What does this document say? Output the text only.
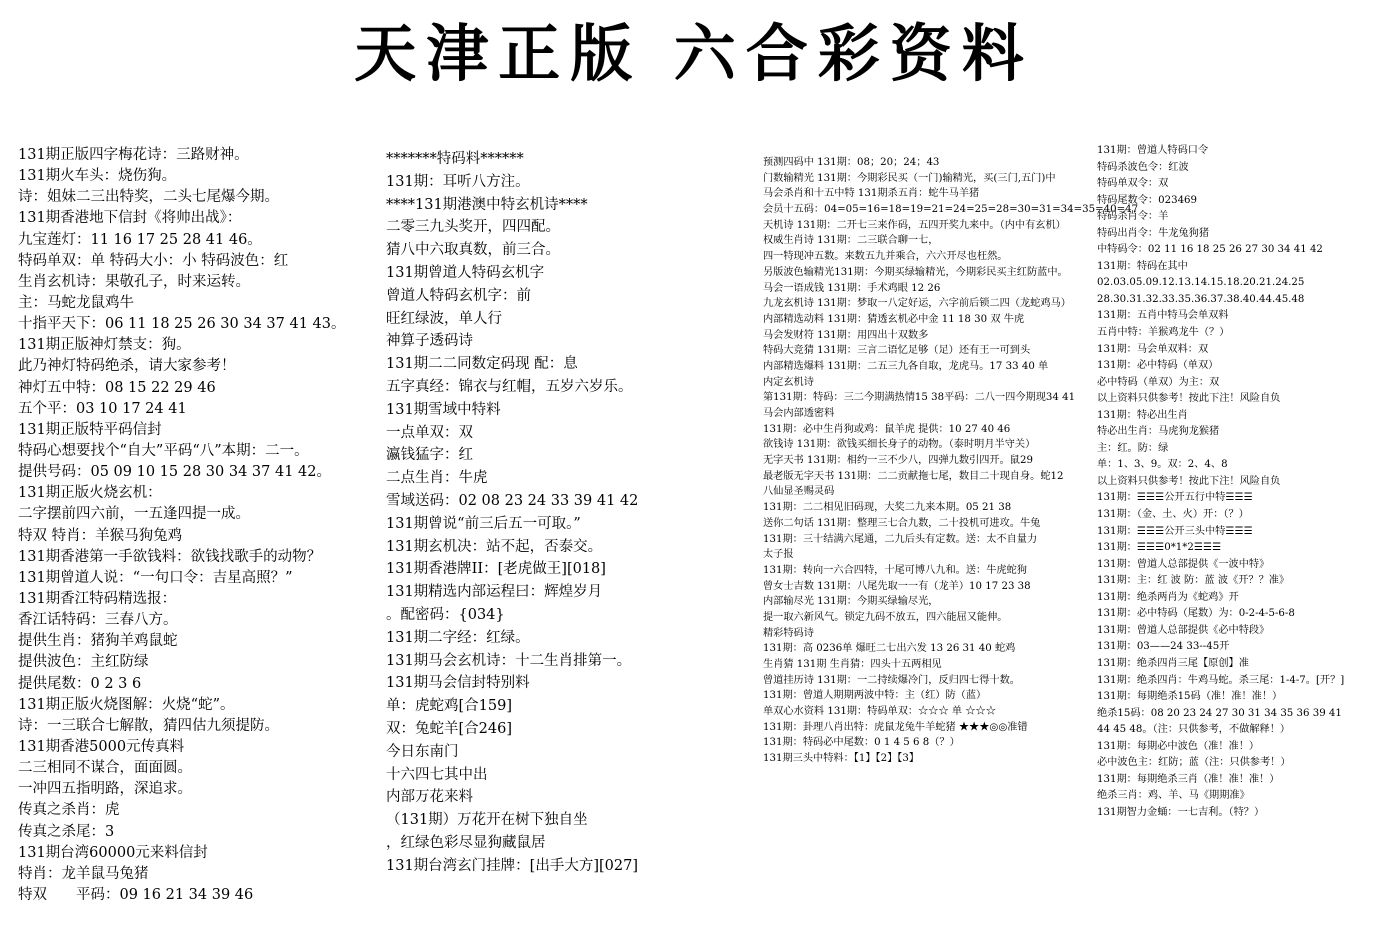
天津正版 六合彩资料
131期正版四字梅花诗：三路财神。
131期火车头：烧伤狗。
诗：姐妹二三出特奖，二头七尾爆今期。
131期香港地下信封《将帅出战》：
九宝莲灯：11 16 17 25 28 41 46。
特码单双：单 特码大小：小 特码波色：红
生肖玄机诗：果敬孔子，时来运转。
主：马蛇龙鼠鸡牛
十指平天下：06 11 18 25 26 30 34 37 41 43。
131期正版神灯禁支：狗。
此乃神灯特码绝杀，请大家参考！
神灯五中特：08 15 22 29 46
五个平：03 10 17 24 41
131期正版特平码信封
特码心想要找个“自大”平码“八”本期：二一。
提供号码：05 09 10 15 28 30 34 37 41 42。
131期正版火烧玄机：
二字摆前四六前，一五逢四提一成。
特双 特肖：羊猴马狗兔鸡
131期香港第一手欲钱料：欲钱找歌手的动物？
131期曾道人说：“一句口令：吉星高照？”
131期香江特码精选报：
香江话特码：三春八方。
提供生肖：猪狗羊鸡鼠蛇
提供波色：主红防绿
提供尾数：0 2 3 6
131期正版火烧图解：火烧“蛇”。
诗：一三联合七解散，猜四估九须提防。
131期香港5000元传真料
二三相同不谋合，面面圆。
一冲四五指明路，深追求。
传真之杀肖：虎
传真之杀尾：3
131期台湾60000元来料信封
特肖：龙羊鼠马兔猪
特双　　平码：09 16 21 34 39 46
*******特码料******
131期：耳听八方注。
****131期港澳中特玄机诗****
二零三九头奖开，四四配。
猜八中六取真数，前三合。
131期曾道人特码玄机字
曾道人特码玄机字：前
旺红绿波，单人行
神算子透码诗
131期二二同数定码现 配：息
五字真经：锦衣与红帽，五岁六岁乐。
131期雪域中特料
一点单双：双
瀛钱猛字：红
二点生肖：牛虎
雪域送码：02 08 23 24 33 39 41 42
131期曾说“前三后五一可取。”
131期玄机决：站不起，否泰交。
131期香港牌II：[老虎做王][018]
131期精选内部运程曰：辉煌岁月
。配密码：{034}
131期二字经：红绿。
131期马会玄机诗：十二生肖排第一。
131期马会信封特别料
单：虎蛇鸡[合159]
双：兔蛇羊[合246]
今日东南门
十六四七其中出
内部万花来料
（131期）万花开在树下独自坐
，红绿色彩尽显狗藏鼠居
131期台湾玄门挂牌：[出手大方][027]
预测四码中 131期：08；20；24；43
门数输精光 131期：今期彩民买（一门)输精光，买(三门,五门)中
马会杀肖和十五中特 131期杀五肖：蛇牛马羊猪
会员十五码：04=05=16=18=19=21=24=25=28=30=31=34=35=40=47
天机诗 131期：二开七三来作码，五四开奖九来中。（内中有玄机）
权威生肖诗 131期：二三联合聊一七，
四一特现冲五数。来数五九并乘合，六六开尽也枉然。
另版波色输精光131期：今期买绿输精光，今期彩民买主红防蓝中。
马会一语成钱 131期：手术鸡眼 12 26
九龙玄机诗 131期：梦取一八定好运，六字前后锁二四（龙蛇鸡马）
内部精选动料 131期：猜透玄机必中金 11 18 30 双 牛虎
马会发财符 131期：用四出十双数多
特码大竞猜 131期：三言二语忆足够（足）还有王一可到头
内部精选爆料 131期：二五三九各自取，龙虎马。17 33 40 单
内定玄机诗
第131期：特码：三二今期满热情15 38平码：二八一四今期现34 41
马会内部透密料
131期：必中生肖狗或鸡：鼠羊虎 提供：10 27 40 46
欲钱诗 131期：欲钱买细长身子的动物。（泰时明月半守关）
无字天书 131期：相约一三不少八，四弹九数引四开。鼠29
最老版无字天书 131期：二二贡献拖七尾，数目二十现自身。蛇12
八仙显圣赐灵码
131期：二二相见旧码现，大奖二九来本期。05 21 38
送你二句话 131期：整理三七合九数，二十投机可进攻。牛兔
131期：三十结满六尾通，二九后头有定数。送：太不自量力
太子报
131期：转向一六合四特，十尾可博八九和。送：牛虎蛇狗
曾女士吉数 131期：八尾先取一一有（龙羊）10 17 23 38
内部输尽光 131期：今期买绿输尽光，
提一取六新风气。锁定九码不放五，四六能屈又能伸。
精彩特码诗
131期：高 0236单 爆旺二七出六发 13 26 31 40 蛇鸡
生肖猜 131期 生肖猜：四头十五两相见
曾道挂历诗 131期：一二持续爆冷门，反归四七得十数。
131期：曾道人期期两波中特：主（红）防（蓝）
单双心水资料 131期：特码单双：☆☆☆ 单 ☆☆☆
131期：卦理八肖出特：虎鼠龙兔牛羊蛇猪 ★★★◎◎准错
131期：特码必中尾数：0 1 4 5 6 8（？）
131期三头中特料：【1】【2】【3】
131期：曾道人特码口令
特码杀波色令：红波
特码单双令：双
特码尾数令：023469
特码杀肖令：羊
特码出肖令：牛龙兔狗猪
中特码令：02 11 16 18 25 26 27 30 34 41 42
131期：特码在其中
02.03.05.09.12.13.14.15.18.20.21.24.25
28.30.31.32.33.35.36.37.38.40.44.45.48
131期：五肖中特马会单双料
五肖中特：羊猴鸡龙牛（？）
131期：马会单双料：双
131期：必中特码（单双）
必中特码（单双）为主：双
以上资料只供参考！按此下注！风险自负
131期：特必出生肖
特必出生肖：马虎狗龙猴猪
主：红。防：绿
单：1、3、9。双：2、4、8
以上资料只供参考！按此下注！风险自负
131期：☰☰☰公开五行中特☰☰☰
131期：（金、土、火）开：（？）
131期：☰☰☰公开三头中特☰☰☰
131期：☰☰☰0*1*2☰☰☰
131期：曾道人总部提供《一波中特》
131期：主：红 波 防：蓝 波《开？？准》
131期：绝杀两肖为《蛇鸡》开
131期：必中特码（尾数）为：0-2-4-5-6-8
131期：曾道人总部提供《必中特段》
131期：03——24 33--45开
131期：绝杀四肖三尾【原创】准
131期：绝杀四肖：牛鸡马蛇。杀三尾：1-4-7。[开？]
131期：每期绝杀15码（准！准！准！）
绝杀15码：08 20 23 24 27 30 31 34 35 36 39 41
44 45 48。（注：只供参考，不做解释！）
131期：每期必中波色（准！准！）
必中波色主：红防；蓝（注：只供参考！）
131期：每期绝杀三肖（准！准！准！）
绝杀三肖：鸡、羊、马《期期准》
131期智力金蛹：一七吉利。（特？）
